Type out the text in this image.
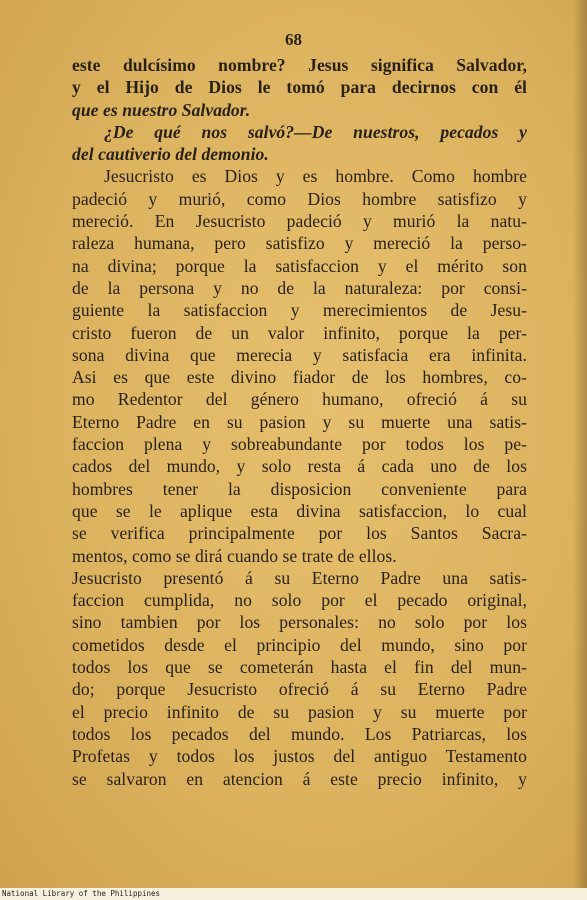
68
este dulcísimo nombre? Jesus significa Salvador,
y el Hijo de Dios le tomó para decirnos con él
que es nuestro Salvador.
¿De qué nos salvó?—De nuestros, pecados y
del cautiverio del demonio.
Jesucristo es Dios y es hombre. Como hombre
padeció y murió, como Dios hombre satisfizo y
mereció. En Jesucristo padeció y murió la natu-
raleza humana, pero satisfizo y mereció la perso-
na divina; porque la satisfaccion y el mérito son
de la persona y no de la naturaleza: por consi-
guiente la satisfaccion y merecimientos de Jesu-
cristo fueron de un valor infinito, porque la per-
sona divina que merecia y satisfacia era infinita.
Asi es que este divino fiador de los hombres, co-
mo Redentor del género humano, ofreció á su
Eterno Padre en su pasion y su muerte una satis-
faccion plena y sobreabundante por todos los pe-
cados del mundo, y solo resta á cada uno de los
hombres tener la disposicion conveniente para
que se le aplique esta divina satisfaccion, lo cual
se verifica principalmente por los Santos Sacra-
mentos, como se dirá cuando se trate de ellos.
Jesucristo presentó á su Eterno Padre una satis-
faccion cumplida, no solo por el pecado original,
sino tambien por los personales: no solo por los
cometidos desde el principio del mundo, sino por
todos los que se cometerán hasta el fin del mun-
do; porque Jesucristo ofreció á su Eterno Padre
el precio infinito de su pasion y su muerte por
todos los pecados del mundo. Los Patriarcas, los
Profetas y todos los justos del antiguo Testamento
se salvaron en atencion á este precio infinito, y
National Library of the Philippines
